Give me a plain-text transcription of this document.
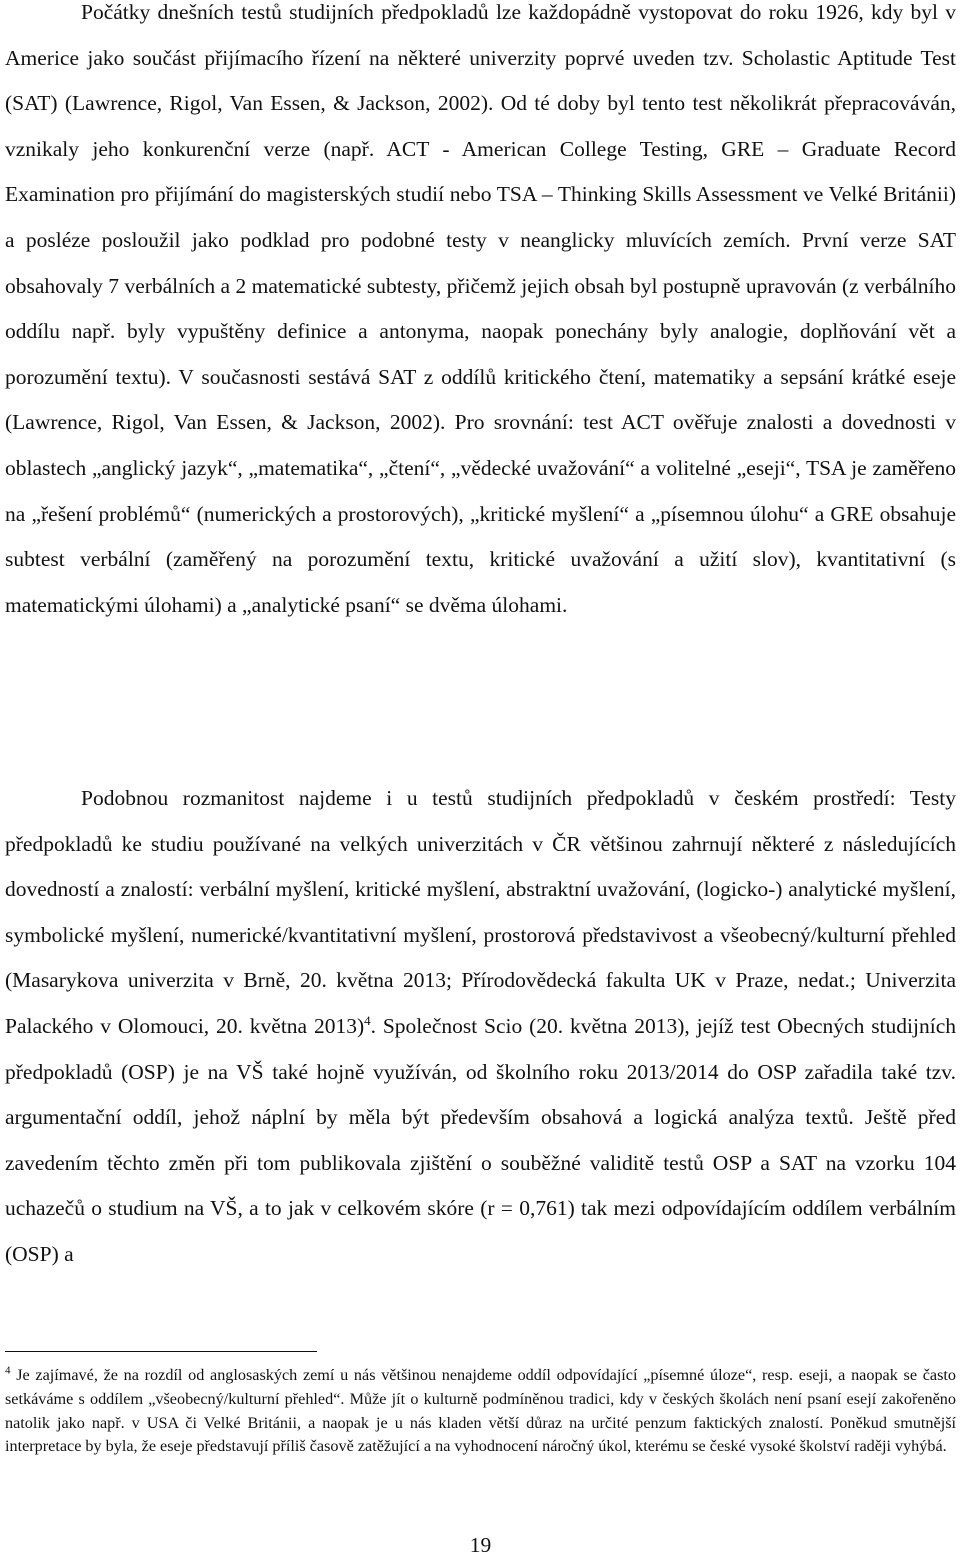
Počátky dnešních testů studijních předpokladů lze každopádně vystopovat do roku 1926, kdy byl v Americe jako součást přijímacího řízení na některé univerzity poprvé uveden tzv. Scholastic Aptitude Test (SAT) (Lawrence, Rigol, Van Essen, & Jackson, 2002). Od té doby byl tento test několikrát přepracováván, vznikaly jeho konkurenční verze (např. ACT - American College Testing, GRE – Graduate Record Examination pro přijímání do magisterských studií nebo TSA – Thinking Skills Assessment ve Velké Británii) a posléze posloužil jako podklad pro podobné testy v neanglicky mluvících zemích. První verze SAT obsahovaly 7 verbálních a 2 matematické subtesty, přičemž jejich obsah byl postupně upravován (z verbálního oddílu např. byly vypuštěny definice a antonyma, naopak ponechány byly analogie, doplňování vět a porozumění textu). V současnosti sestává SAT z oddílů kritického čtení, matematiky a sepsání krátké eseje (Lawrence, Rigol, Van Essen, & Jackson, 2002). Pro srovnání: test ACT ověřuje znalosti a dovednosti v oblastech „anglický jazyk“, „matematika“, „čtení“, „vědecké uvažování“ a volitelné „eseji“, TSA je zaměřeno na „řešení problémů“ (numerických a prostorových), „kritické myšlení“ a „písemnou úlohu“ a GRE obsahuje subtest verbální (zaměřený na porozumění textu, kritické uvažování a užití slov), kvantitativní (s matematickými úlohami) a „analytické psaní“ se dvěma úlohami.

Podobnou rozmanitost najdeme i u testů studijních předpokladů v českém prostředí: Testy předpokladů ke studiu používané na velkých univerzitách v ČR většinou zahrnují některé z následujících dovedností a znalostí: verbální myšlení, kritické myšlení, abstraktní uvažování, (logicko-) analytické myšlení, symbolické myšlení, numerické/kvantitativní myšlení, prostorová představivost a všeobecný/kulturní přehled (Masarykova univerzita v Brně, 20. května 2013; Přírodovědecká fakulta UK v Praze, nedat.; Univerzita Palackého v Olomouci, 20. května 2013)$^4$. Společnost Scio (20. května 2013), jejíž test Obecných studijních předpokladů (OSP) je na VŠ také hojně využíván, od školního roku 2013/2014 do OSP zařadila také tzv. argumentační oddíl, jehož náplní by měla být především obsahová a logická analýza textů. Ještě před zavedením těchto změn při tom publikovala zjištění o souběžné validitě testů OSP a SAT na vzorku 104 uchazečů o studium na VŠ, a to jak v celkovém skóre (r = 0,761) tak mezi odpovídajícím oddílem verbálním (OSP) a

$^4$ Je zajímavé, že na rozdíl od anglosaských zemí u nás většinou nenajdeme oddíl odpovídající „písemné úloze“, resp. eseji, a naopak se často setkáváme s oddílem „všeobecný/kulturní přehled“. Může jít o kulturně podmíněnou tradici, kdy v českých školách není psaní esejí zakořeněno natolik jako např. v USA či Velké Británii, a naopak je u nás kladen větší důraz na určité penzum faktických znalostí. Poněkud smutnější interpretace by byla, že eseje představují příliš časově zatěžující a na vyhodnocení náročný úkol, kterému se české vysoké školství raději vyhýbá.

19
